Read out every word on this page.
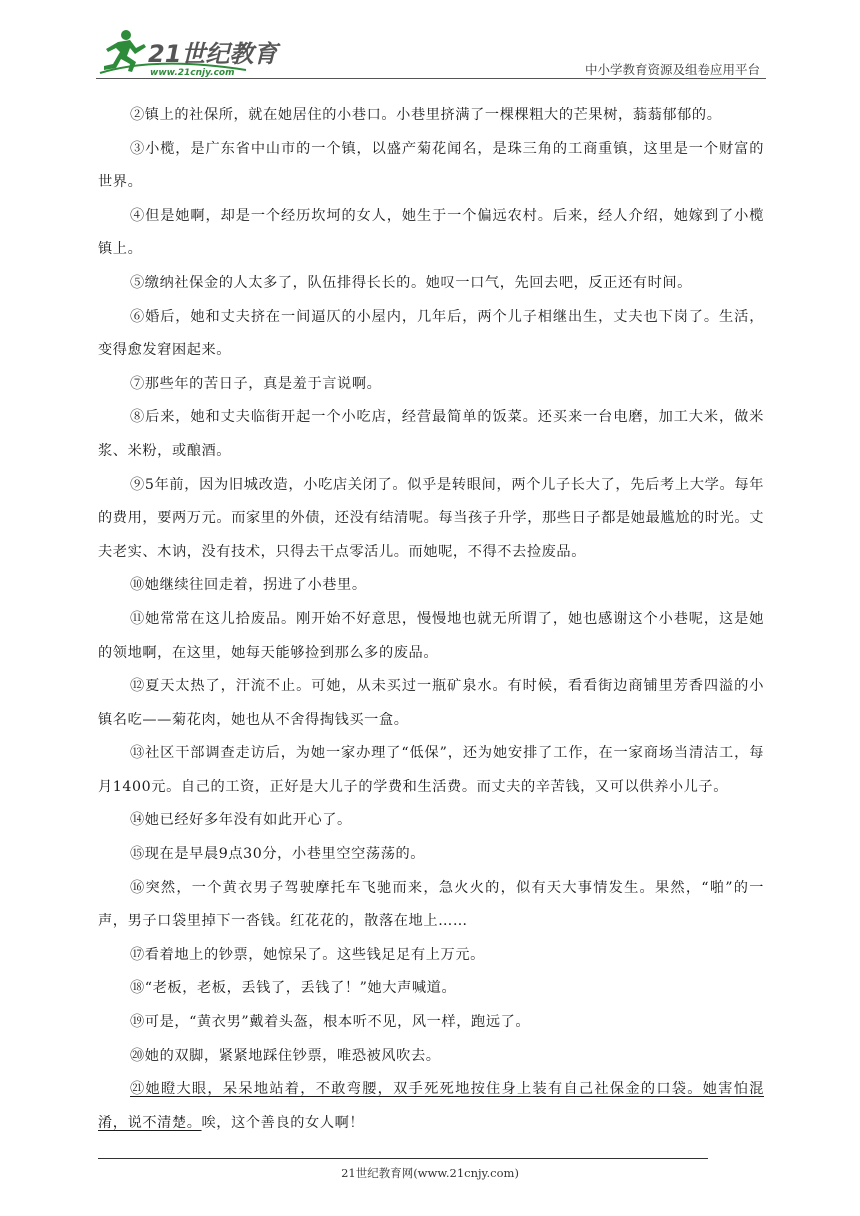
21世纪教育
www.21cnjy.com	中小学教育资源及组卷应用平台

②镇上的社保所，就在她居住的小巷口。小巷里挤满了一棵棵粗大的芒果树，蓊蓊郁郁的。

③小榄，是广东省中山市的一个镇，以盛产菊花闻名，是珠三角的工商重镇，这里是一个财富的世界。

④但是她啊，却是一个经历坎坷的女人，她生于一个偏远农村。后来，经人介绍，她嫁到了小榄镇上。

⑤缴纳社保金的人太多了，队伍排得长长的。她叹一口气，先回去吧，反正还有时间。

⑥婚后，她和丈夫挤在一间逼仄的小屋内，几年后，两个儿子相继出生，丈夫也下岗了。生活，变得愈发窘困起来。

⑦那些年的苦日子，真是羞于言说啊。

⑧后来，她和丈夫临街开起一个小吃店，经营最简单的饭菜。还买来一台电磨，加工大米，做米浆、米粉，或酿酒。

⑨5年前，因为旧城改造，小吃店关闭了。似乎是转眼间，两个儿子长大了，先后考上大学。每年的费用，要两万元。而家里的外债，还没有结清呢。每当孩子升学，那些日子都是她最尴尬的时光。丈夫老实、木讷，没有技术，只得去干点零活儿。而她呢，不得不去捡废品。

⑩她继续往回走着，拐进了小巷里。

⑪她常常在这儿拾废品。刚开始不好意思，慢慢地也就无所谓了，她也感谢这个小巷呢，这是她的领地啊，在这里，她每天能够捡到那么多的废品。

⑫夏天太热了，汗流不止。可她，从未买过一瓶矿泉水。有时候，看看街边商铺里芳香四溢的小镇名吃——菊花肉，她也从不舍得掏钱买一盒。

⑬社区干部调查走访后，为她一家办理了“低保”，还为她安排了工作，在一家商场当清洁工，每月1400元。自己的工资，正好是大儿子的学费和生活费。而丈夫的辛苦钱，又可以供养小儿子。

⑭她已经好多年没有如此开心了。

⑮现在是早晨9点30分，小巷里空空荡荡的。

⑯突然，一个黄衣男子驾驶摩托车飞驰而来，急火火的，似有天大事情发生。果然，“啪”的一声，男子口袋里掉下一沓钱。红花花的，散落在地上……

⑰看着地上的钞票，她惊呆了。这些钱足足有上万元。

⑱“老板，老板，丢钱了，丢钱了！”她大声喊道。

⑲可是，“黄衣男”戴着头盔，根本听不见，风一样，跑远了。

⑳她的双脚，紧紧地踩住钞票，唯恐被风吹去。

㉑她瞪大眼，呆呆地站着，不敢弯腰，双手死死地按住身上装有自己社保金的口袋。她害怕混淆，说不清楚。唉，这个善良的女人啊！

21世纪教育网(www.21cnjy.com)
